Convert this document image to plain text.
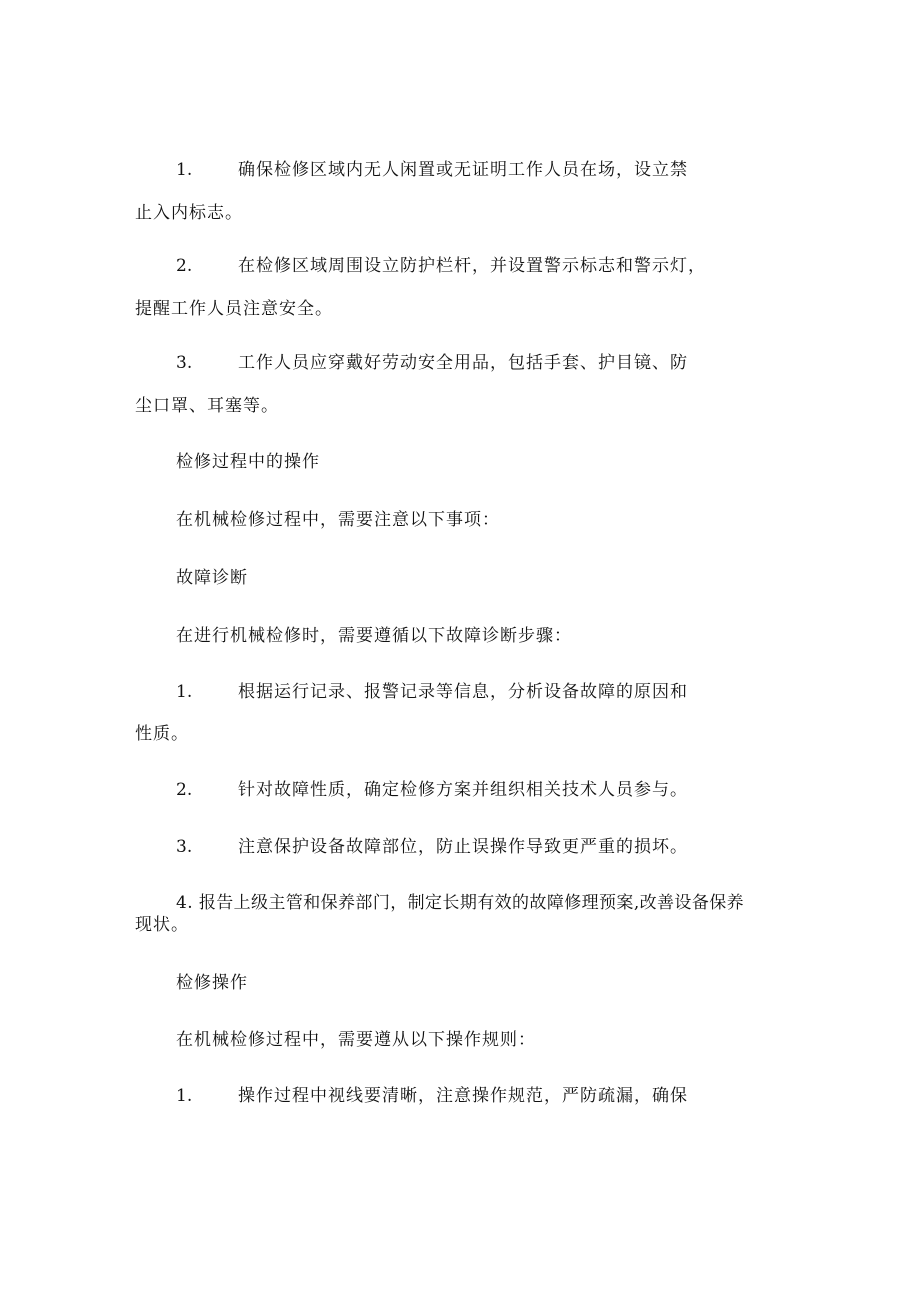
1.	确保检修区域内无人闲置或无证明工作人员在场，设立禁
止入内标志。
2.	在检修区域周围设立防护栏杆，并设置警示标志和警示灯，
提醒工作人员注意安全。
3.	工作人员应穿戴好劳动安全用品，包括手套、护目镜、防
尘口罩、耳塞等。
检修过程中的操作
在机械检修过程中，需要注意以下事项：
故障诊断
在进行机械检修时，需要遵循以下故障诊断步骤：
1.	根据运行记录、报警记录等信息，分析设备故障的原因和
性质。
2.	针对故障性质，确定检修方案并组织相关技术人员参与。
3.	注意保护设备故障部位，防止误操作导致更严重的损坏。
4. 报告上级主管和保养部门，制定长期有效的故障修理预案,改善设备保养
现状。
检修操作
在机械检修过程中，需要遵从以下操作规则：
1.	操作过程中视线要清晰，注意操作规范，严防疏漏，确保
